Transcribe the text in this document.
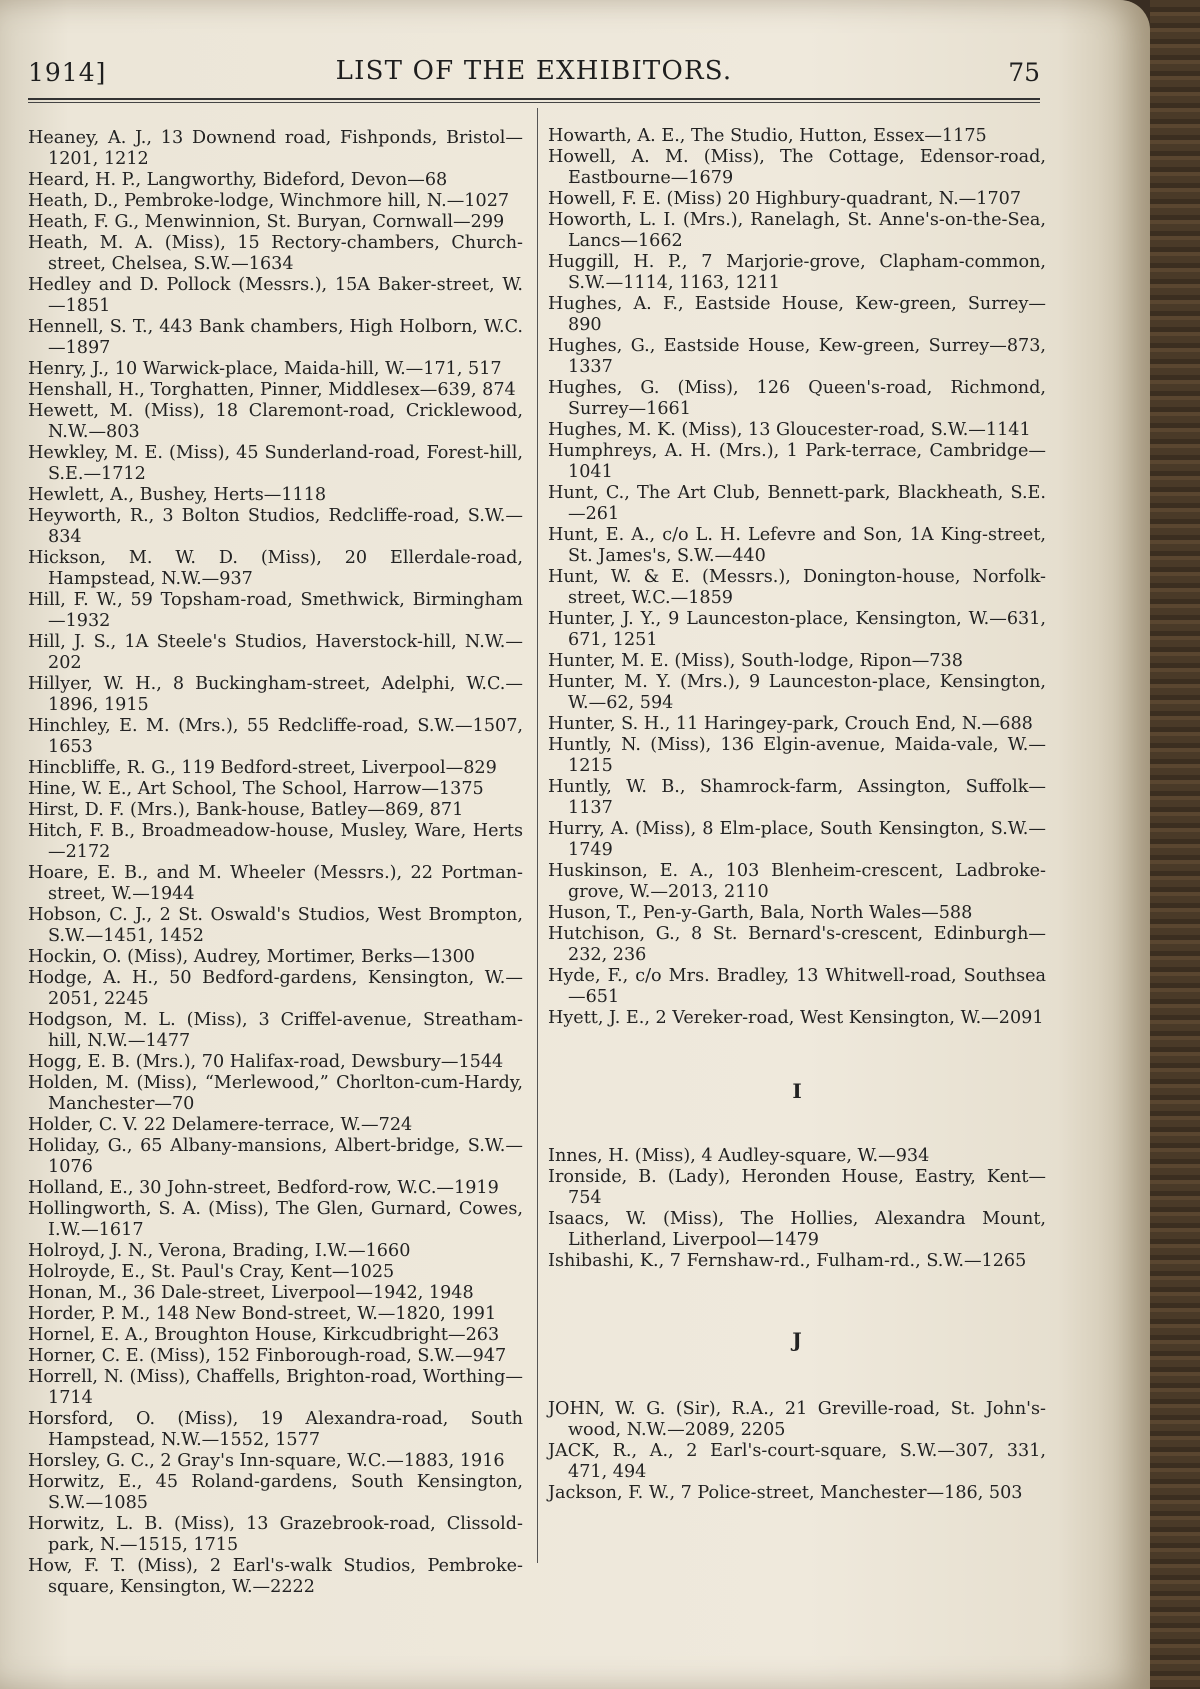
1914]	LIST OF THE EXHIBITORS.	75

Heaney, A. J., 13 Downend road, Fishponds, Bristol—1201, 1212

Heard, H. P., Langworthy, Bideford, Devon—68

Heath, D., Pembroke-lodge, Winchmore hill, N.—1027

Heath, F. G., Menwinnion, St. Buryan, Cornwall—299

Heath, M. A. (Miss), 15 Rectory-chambers, Church-street, Chelsea, S.W.—1634

Hedley and D. Pollock (Messrs.), 15A Baker-street, W.—1851

Hennell, S. T., 443 Bank chambers, High Holborn, W.C.—1897

Henry, J., 10 Warwick-place, Maida-hill, W.—171, 517

Henshall, H., Torghatten, Pinner, Middlesex—639, 874

Hewett, M. (Miss), 18 Claremont-road, Cricklewood, N.W.—803

Hewkley, M. E. (Miss), 45 Sunderland-road, Forest-hill, S.E.—1712

Hewlett, A., Bushey, Herts—1118

Heyworth, R., 3 Bolton Studios, Redcliffe-road, S.W.—834

Hickson, M. W. D. (Miss), 20 Ellerdale-road, Hampstead, N.W.—937

Hill, F. W., 59 Topsham-road, Smethwick, Birmingham—1932

Hill, J. S., 1A Steele's Studios, Haverstock-hill, N.W.—202

Hillyer, W. H., 8 Buckingham-street, Adelphi, W.C.—1896, 1915

Hinchley, E. M. (Mrs.), 55 Redcliffe-road, S.W.—1507, 1653

Hincbliffe, R. G., 119 Bedford-street, Liverpool—829

Hine, W. E., Art School, The School, Harrow—1375

Hirst, D. F. (Mrs.), Bank-house, Batley—869, 871

Hitch, F. B., Broadmeadow-house, Musley, Ware, Herts—2172

Hoare, E. B., and M. Wheeler (Messrs.), 22 Portman-street, W.—1944

Hobson, C. J., 2 St. Oswald's Studios, West Brompton, S.W.—1451, 1452

Hockin, O. (Miss), Audrey, Mortimer, Berks—1300

Hodge, A. H., 50 Bedford-gardens, Kensington, W.—2051, 2245

Hodgson, M. L. (Miss), 3 Criffel-avenue, Streatham-hill, N.W.—1477

Hogg, E. B. (Mrs.), 70 Halifax-road, Dewsbury—1544

Holden, M. (Miss), “Merlewood,” Chorlton-cum-Hardy, Manchester—70

Holder, C. V. 22 Delamere-terrace, W.—724

Holiday, G., 65 Albany-mansions, Albert-bridge, S.W.—1076

Holland, E., 30 John-street, Bedford-row, W.C.—1919

Hollingworth, S. A. (Miss), The Glen, Gurnard, Cowes, I.W.—1617

Holroyd, J. N., Verona, Brading, I.W.—1660

Holroyde, E., St. Paul's Cray, Kent—1025

Honan, M., 36 Dale-street, Liverpool—1942, 1948

Horder, P. M., 148 New Bond-street, W.—1820, 1991

Hornel, E. A., Broughton House, Kirkcudbright—263

Horner, C. E. (Miss), 152 Finborough-road, S.W.—947

Horrell, N. (Miss), Chaffells, Brighton-road, Worthing—1714

Horsford, O. (Miss), 19 Alexandra-road, South Hampstead, N.W.—1552, 1577

Horsley, G. C., 2 Gray's Inn-square, W.C.—1883, 1916

Horwitz, E., 45 Roland-gardens, South Kensington, S.W.—1085

Horwitz, L. B. (Miss), 13 Grazebrook-road, Clissold-park, N.—1515, 1715

How, F. T. (Miss), 2 Earl's-walk Studios, Pembroke-square, Kensington, W.—2222

Howarth, A. E., The Studio, Hutton, Essex—1175

Howell, A. M. (Miss), The Cottage, Edensor-road, Eastbourne—1679

Howell, F. E. (Miss) 20 Highbury-quadrant, N.—1707

Howorth, L. I. (Mrs.), Ranelagh, St. Anne's-on-the-Sea, Lancs—1662

Huggill, H. P., 7 Marjorie-grove, Clapham-common, S.W.—1114, 1163, 1211

Hughes, A. F., Eastside House, Kew-green, Surrey—890

Hughes, G., Eastside House, Kew-green, Surrey—873, 1337

Hughes, G. (Miss), 126 Queen's-road, Richmond, Surrey—1661

Hughes, M. K. (Miss), 13 Gloucester-road, S.W.—1141

Humphreys, A. H. (Mrs.), 1 Park-terrace, Cambridge—1041

Hunt, C., The Art Club, Bennett-park, Blackheath, S.E.—261

Hunt, E. A., c/o L. H. Lefevre and Son, 1A King-street, St. James's, S.W.—440

Hunt, W. & E. (Messrs.), Donington-house, Norfolk-street, W.C.—1859

Hunter, J. Y., 9 Launceston-place, Kensington, W.—631, 671, 1251

Hunter, M. E. (Miss), South-lodge, Ripon—738

Hunter, M. Y. (Mrs.), 9 Launceston-place, Kensington, W.—62, 594

Hunter, S. H., 11 Haringey-park, Crouch End, N.—688

Huntly, N. (Miss), 136 Elgin-avenue, Maida-vale, W.—1215

Huntly, W. B., Shamrock-farm, Assington, Suffolk—1137

Hurry, A. (Miss), 8 Elm-place, South Kensington, S.W.—1749

Huskinson, E. A., 103 Blenheim-crescent, Ladbroke-grove, W.—2013, 2110

Huson, T., Pen-y-Garth, Bala, North Wales—588

Hutchison, G., 8 St. Bernard's-crescent, Edinburgh—232, 236

Hyde, F., c/o Mrs. Bradley, 13 Whitwell-road, Southsea—651

Hyett, J. E., 2 Vereker-road, West Kensington, W.—2091

I

Innes, H. (Miss), 4 Audley-square, W.—934

Ironside, B. (Lady), Heronden House, Eastry, Kent—754

Isaacs, W. (Miss), The Hollies, Alexandra Mount, Litherland, Liverpool—1479

Ishibashi, K., 7 Fernshaw-rd., Fulham-rd., S.W.—1265

J

JOHN, W. G. (Sir), R.A., 21 Greville-road, St. John's-wood, N.W.—2089, 2205

JACK, R., A., 2 Earl's-court-square, S.W.—307, 331, 471, 494

Jackson, F. W., 7 Police-street, Manchester—186, 503
